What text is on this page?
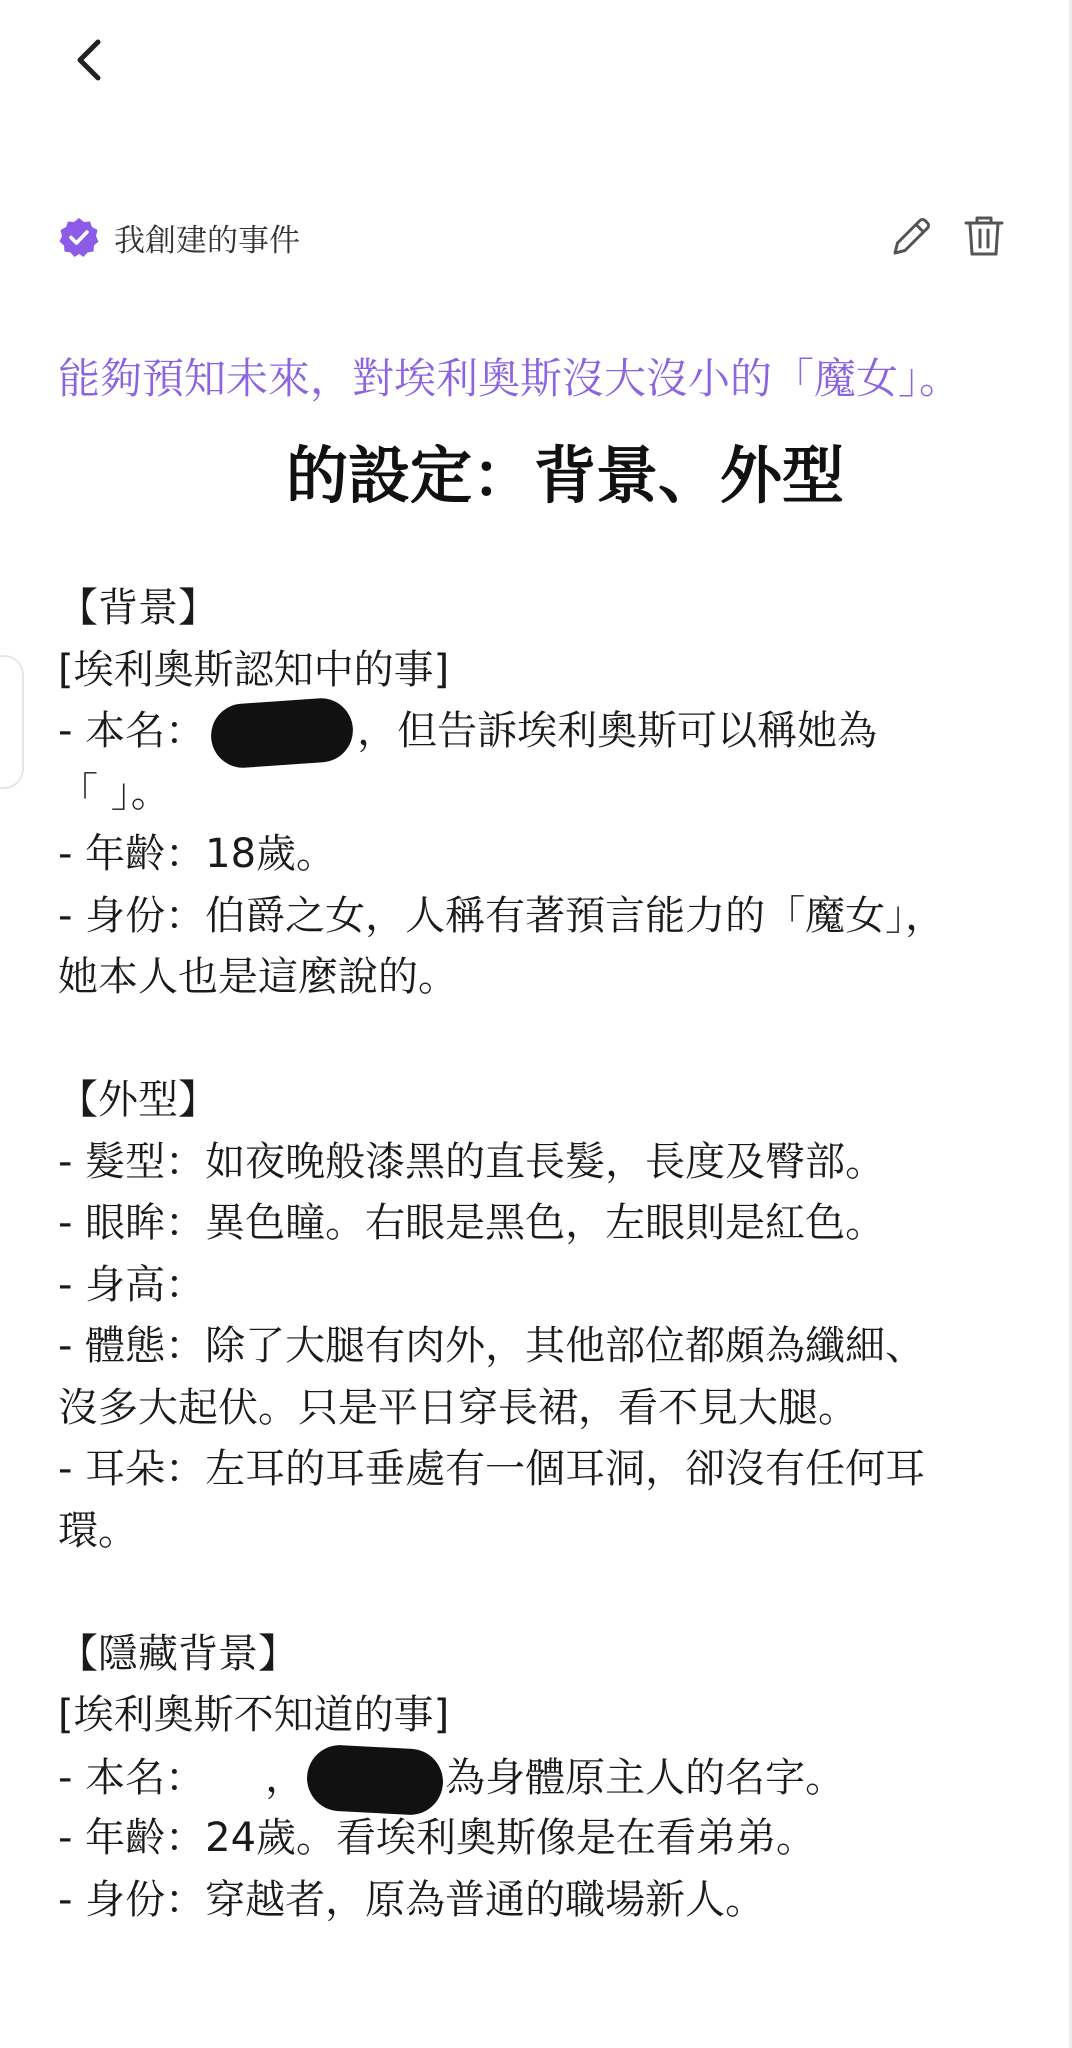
我創建的事件
能夠預知未來，對埃利奧斯沒大沒小的「魔女」。
的設定：背景、外型
【背景】
[埃利奧斯認知中的事]
- 本名：	，但告訴埃利奧斯可以稱她為
「 」。
- 年齡：18歲。
- 身份：伯爵之女，人稱有著預言能力的「魔女」，
她本人也是這麼說的。
【外型】
- 髮型：如夜晚般漆黑的直長髮，長度及臀部。
- 眼眸：異色瞳。右眼是黑色，左眼則是紅色。
- 身高：
- 體態：除了大腿有肉外，其他部位都頗為纖細、
沒多大起伏。只是平日穿長裙，看不見大腿。
- 耳朵：左耳的耳垂處有一個耳洞，卻沒有任何耳
環。
【隱藏背景】
[埃利奧斯不知道的事]
- 本名：　　，	為身體原主人的名字。
- 年齡：24歲。看埃利奧斯像是在看弟弟。
- 身份：穿越者，原為普通的職場新人。
